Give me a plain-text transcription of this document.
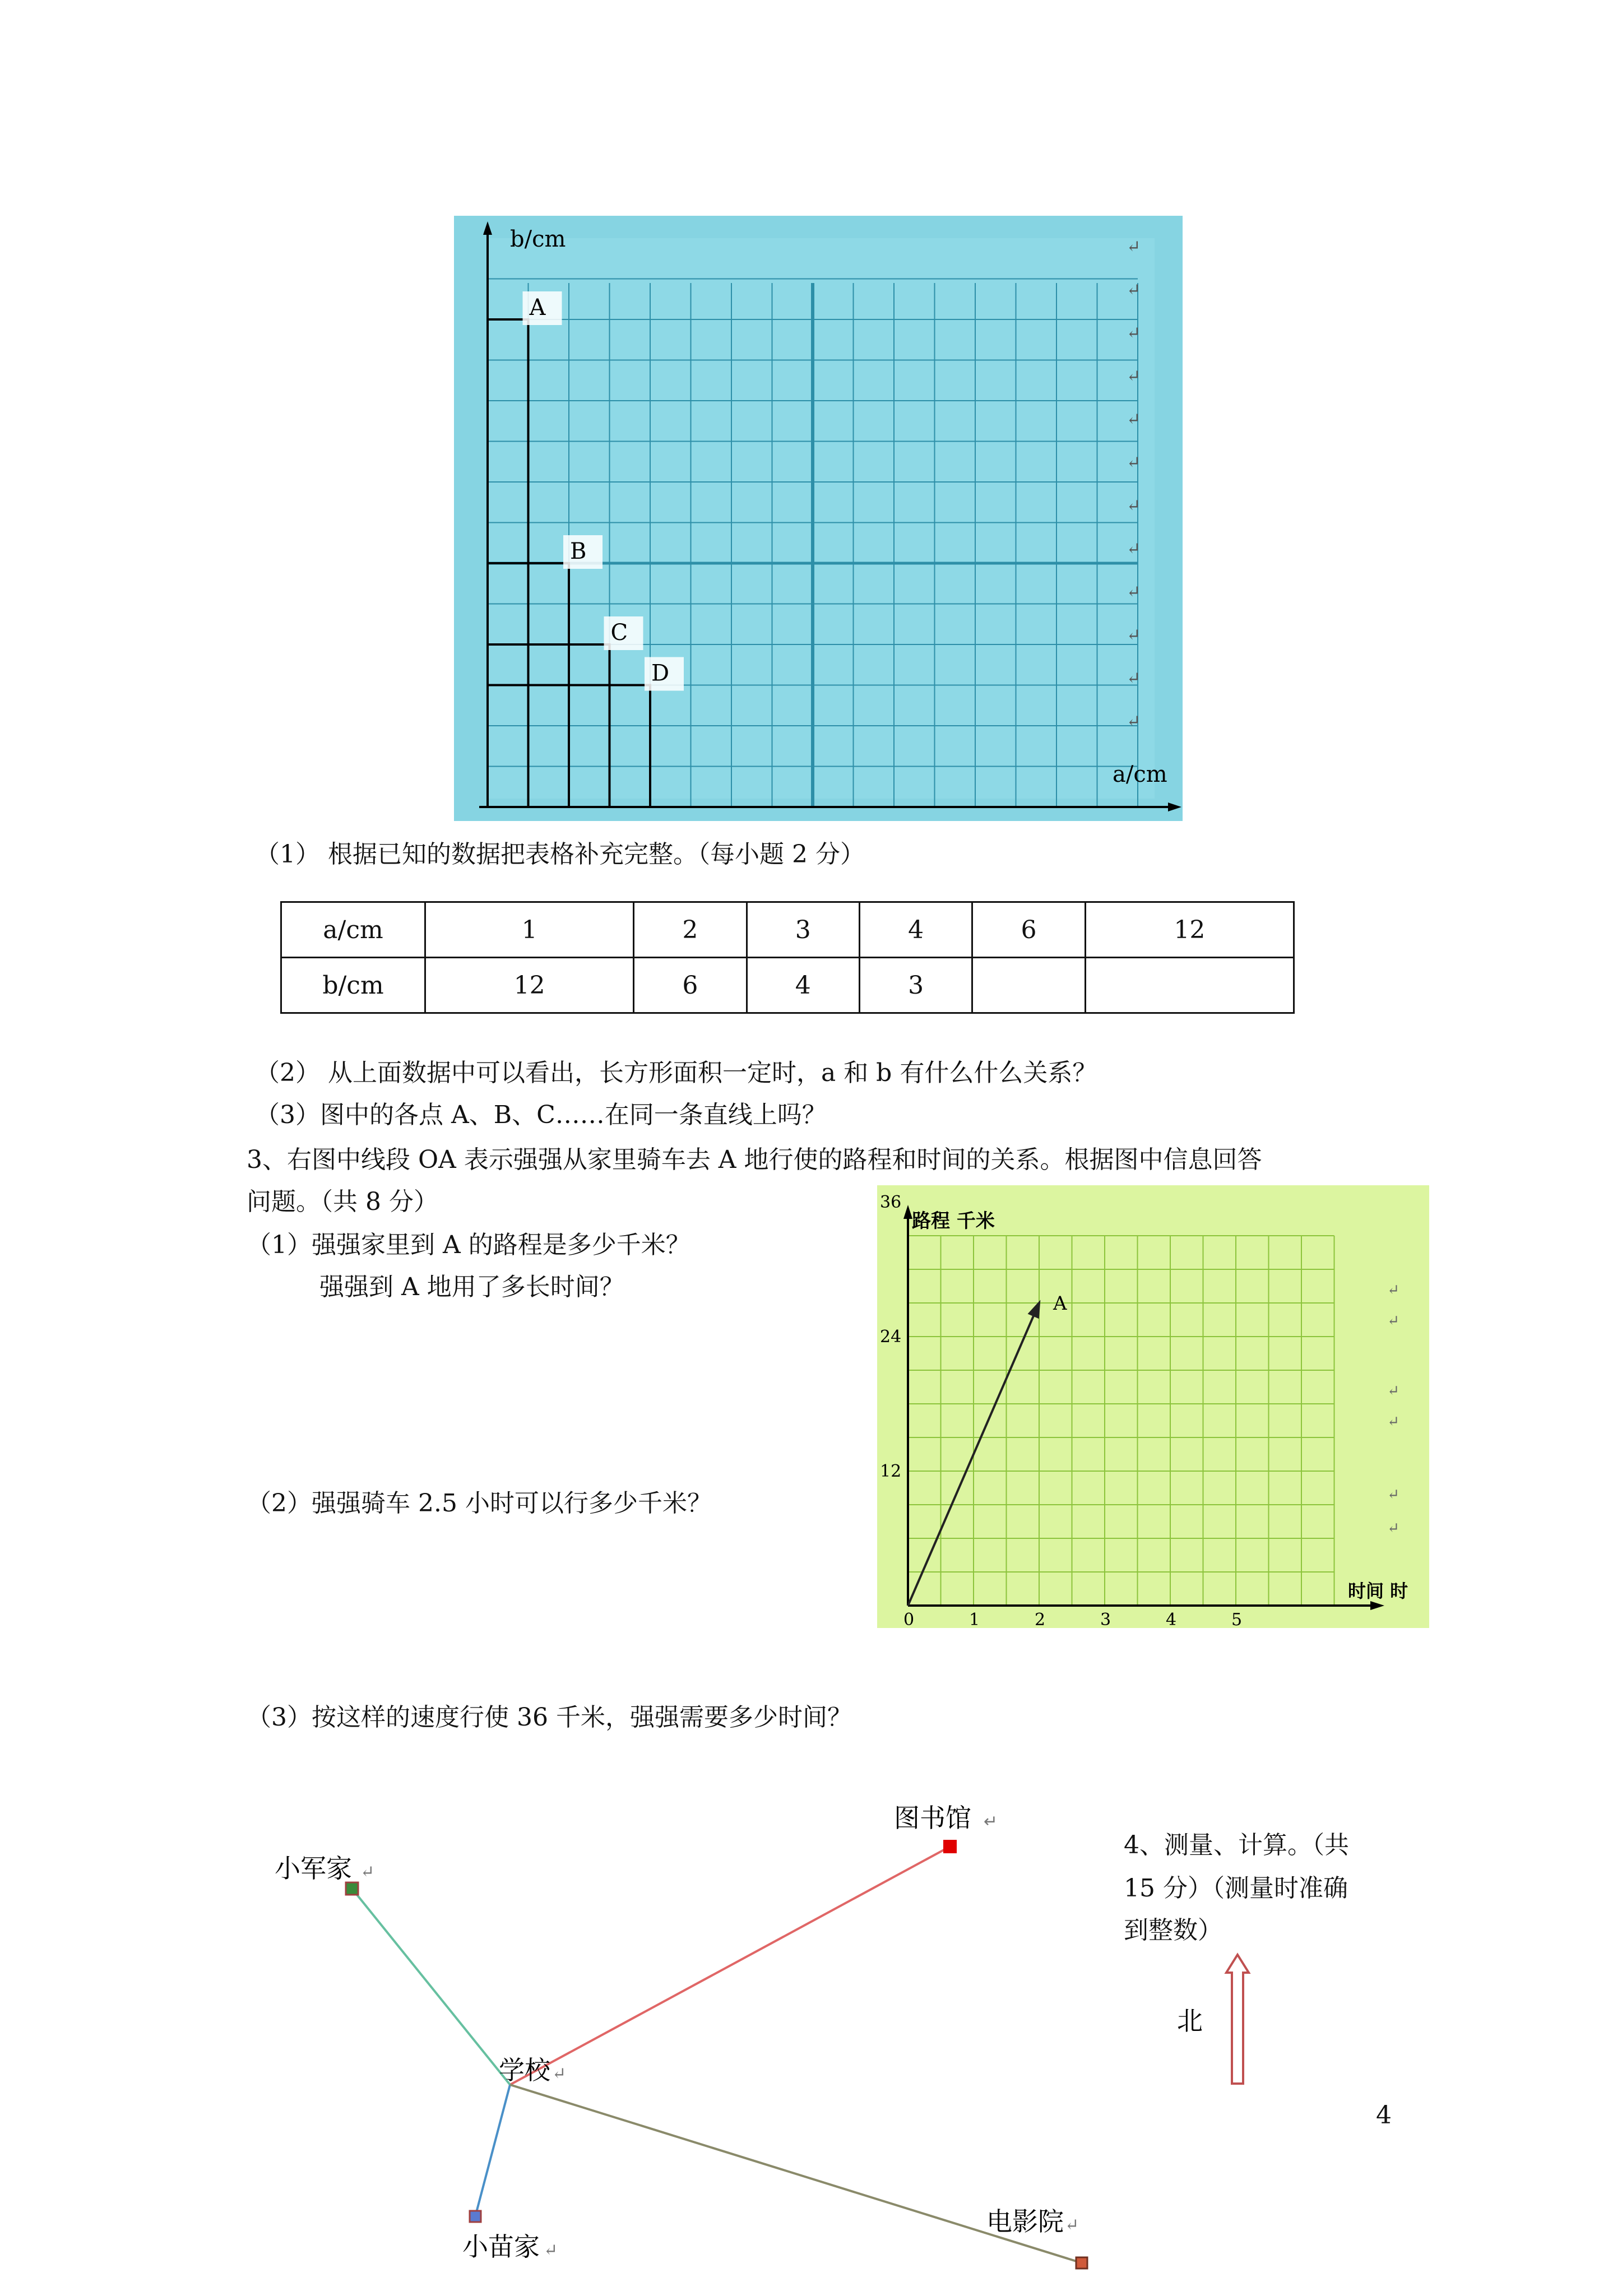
b/cm
a/cm
A
B
C
D
↵
↵
↵
↵
↵
↵
↵
↵
↵
↵
↵
↵
（1） 根据已知的数据把表格补充完整。（每小题 2 分）
a/cm	1	2	3	4	6	12
b/cm	12	6	4	3		
（2） 从上面数据中可以看出，长方形面积一定时，a 和 b 有什么什么关系？
（3）图中的各点 A、B、C……在同一条直线上吗？
3、右图中线段 OA 表示强强从家里骑车去 A 地行使的路程和时间的关系。根据图中信息回答
问题。（共 8 分）
（1）强强家里到 A 的路程是多少千米？
强强到 A 地用了多长时间？
（2）强强骑车 2.5 小时可以行多少千米？
（3）按这样的速度行使 36 千米，强强需要多少时间？
路程 千米
时间 时
0	1	2	3	4	5
12
24
36
A
↵
↵
↵
↵
↵
↵
图书馆
小军家
学校
小苗家
电影院
↵
↵
↵
↵
↵
北
4、测量、计算。（共
15 分）（测量时准确
到整数）
4
